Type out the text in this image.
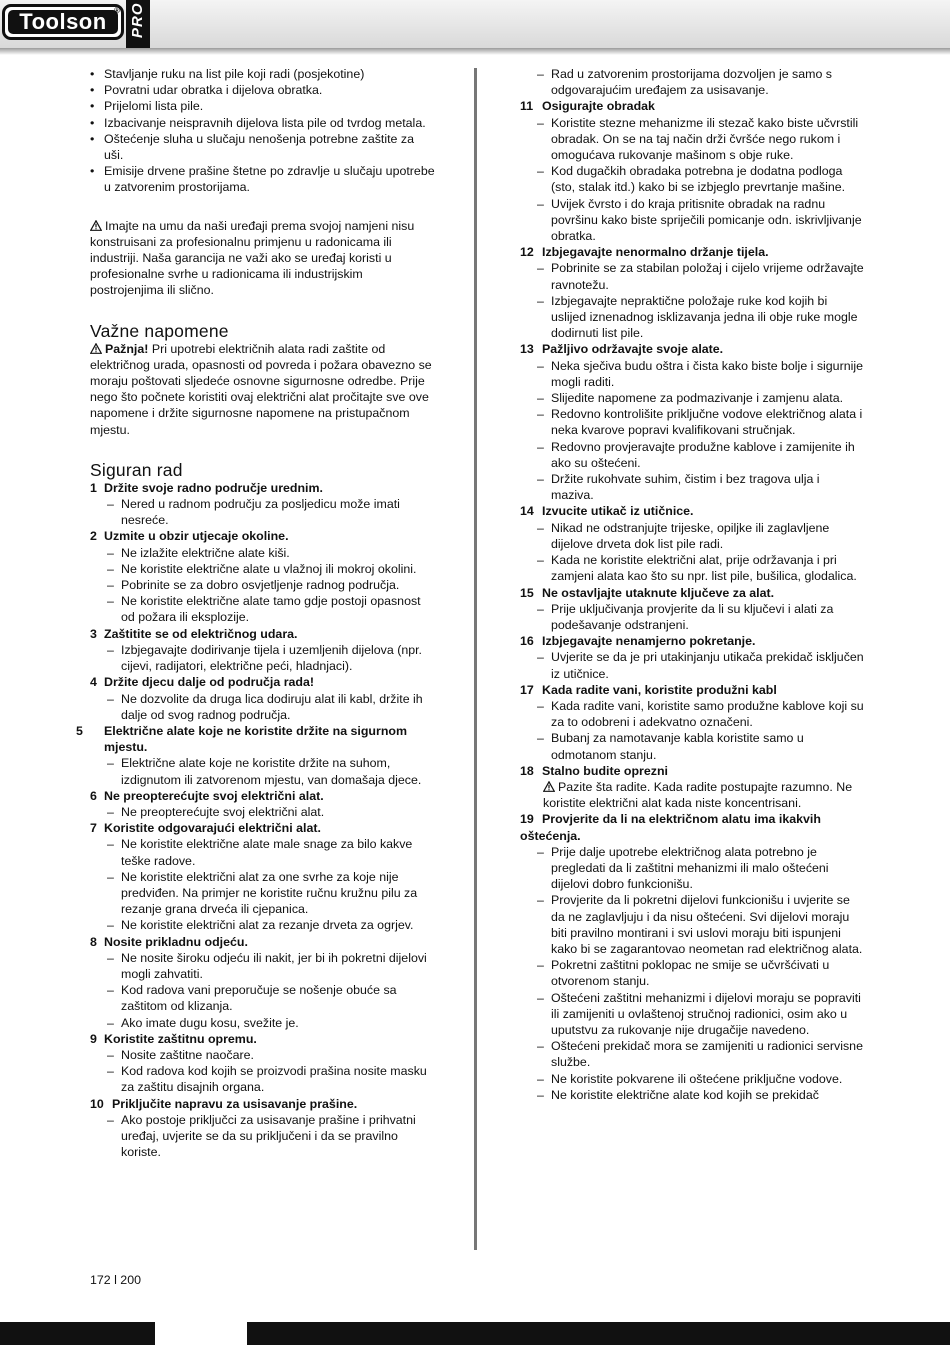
Toolson ® PRO
• Stavljanje ruku na list pile koji radi (posjekotine)
• Povratni udar obratka i dijelova obratka.
• Prijelomi lista pile.
• Izbacivanje neispravnih dijelova lista pile od tvrdog metala.
• Oštećenje sluha u slučaju nenošenja potrebne zaštite za uši.
• Emisije drvene prašine štetne po zdravlje u slučaju upotrebe u zatvorenim prostorijama.

Imajte na umu da naši uređaji prema svojoj namjeni nisu konstruisani za profesionalnu primjenu u radonicama ili industriji. Naša garancija ne važi ako se uređaj koristi u profesionalne svrhe u radionicama ili industrijskim postrojenjima ili slično.

Važne napomene

Pažnja! Pri upotrebi električnih alata radi zaštite od električnog urada, opasnosti od povreda i požara obavezno se moraju poštovati sljedeće osnovne sigurnosne odredbe. Prije nego što počnete koristiti ovaj električni alat pročitajte sve ove napomene i držite sigurnosne napomene na pristupačnom mjestu.

Siguran rad
1 Držite svoje radno područje urednim.
– Nered u radnom području za posljedicu može imati nesreće.
2 Uzmite u obzir utjecaje okoline.
– Ne izlažite električne alate kiši.
– Ne koristite električne alate u vlažnoj ili mokroj okolini.
– Pobrinite se za dobro osvjetljenje radnog područja.
– Ne koristite električne alate tamo gdje postoji opasnost od požara ili eksplozije.
3 Zaštitite se od električnog udara.
– Izbjegavajte dodirivanje tijela i uzemljenih dijelova (npr. cijevi, radijatori, električne peći, hladnjaci).
4 Držite djecu dalje od područja rada!
– Ne dozvolite da druga lica dodiruju alat ili kabl, držite ih dalje od svog radnog područja.
5 Električne alate koje ne koristite držite na sigurnom mjestu.
– Električne alate koje ne koristite držite na suhom, izdignutom ili zatvorenom mjestu, van domašaja djece.
6 Ne preopterećujte svoj električni alat.
– Ne preopterećujte svoj električni alat.
7 Koristite odgovarajući električni alat.
– Ne koristite električne alate male snage za bilo kakve teške radove.
– Ne koristite električni alat za one svrhe za koje nije predviđen. Na primjer ne koristite ručnu kružnu pilu za rezanje grana drveća ili cjepanica.
– Ne koristite električni alat za rezanje drveta za ogrjev.
8 Nosite prikladnu odjeću.
– Ne nosite široku odjeću ili nakit, jer bi ih pokretni dijelovi mogli zahvatiti.
– Kod radova vani preporučuje se nošenje obuće sa zaštitom od klizanja.
– Ako imate dugu kosu, svežite je.
9 Koristite zaštitnu opremu.
– Nosite zaštitne naočare.
– Kod radova kod kojih se proizvodi prašina nosite masku za zaštitu disajnih organa.
10 Priključite napravu za usisavanje prašine.
– Ako postoje priključci za usisavanje prašine i prihvatni uređaj, uvjerite se da su priključeni i da se pravilno koriste.
– Rad u zatvorenim prostorijama dozvoljen je samo s odgovarajućim uređajem za usisavanje.
11 Osigurajte obradak
– Koristite stezne mehanizme ili stezač kako biste učvrstili obradak. On se na taj način drži čvršće nego rukom i omogućava rukovanje mašinom s obje ruke.
– Kod dugačkih obradaka potrebna je dodatna podloga (sto, stalak itd.) kako bi se izbjeglo prevrtanje mašine.
– Uvijek čvrsto i do kraja pritisnite obradak na radnu površinu kako biste spriječili pomicanje odn. iskrivljivanje obratka.
12 Izbjegavajte nenormalno držanje tijela.
– Pobrinite se za stabilan položaj i cijelo vrijeme održavajte ravnotežu.
– Izbjegavajte nepraktične položaje ruke kod kojih bi uslijed iznenadnog isklizavanja jedna ili obje ruke mogle dodirnuti list pile.
13 Pažljivo održavajte svoje alate.
– Neka sječiva budu oštra i čista kako biste bolje i sigurnije mogli raditi.
– Slijedite napomene za podmazivanje i zamjenu alata.
– Redovno kontrolišite priključne vodove električnog alata i neka kvarove popravi kvalifikovani stručnjak.
– Redovno provjeravajte produžne kablove i zamijenite ih ako su oštećeni.
– Držite rukohvate suhim, čistim i bez tragova ulja i maziva.
14 Izvucite utikač iz utičnice.
– Nikad ne odstranjujte trijeske, opiljke ili zaglavljene dijelove drveta dok list pile radi.
– Kada ne koristite električni alat, prije održavanja i pri zamjeni alata kao što su npr. list pile, bušilica, glodalica.
15 Ne ostavljajte utaknute ključeve za alat.
– Prije uključivanja provjerite da li su ključevi i alati za podešavanje odstranjeni.
16 Izbjegavajte nenamjerno pokretanje.
– Uvjerite se da je pri utakinjanju utikača prekidač isključen iz utičnice.
17 Kada radite vani, koristite produžni kabl
– Kada radite vani, koristite samo produžne kablove koji su za to odobreni i adekvatno označeni.
– Bubanj za namotavanje kabla koristite samo u odmotanom stanju.
18 Stalno budite oprezni
Pazite šta radite. Kada radite postupajte razumno. Ne koristite električni alat kada niste koncentrisani.
19 Provjerite da li na električnom alatu ima ikakvih oštećenja.
– Prije dalje upotrebe električnog alata potrebno je pregledati da li zaštitni mehanizmi ili malo oštećeni dijelovi dobro funkcionišu.
– Provjerite da li pokretni dijelovi funkcionišu i uvjerite se da ne zaglavljuju i da nisu oštećeni. Svi dijelovi moraju biti pravilno montirani i svi uslovi moraju biti ispunjeni kako bi se zagarantovao neometan rad električnog alata.
– Pokretni zaštitni poklopac ne smije se učvršćivati u otvorenom stanju.
– Oštećeni zaštitni mehanizmi i dijelovi moraju se popraviti ili zamijeniti u ovlaštenoj stručnoj radionici, osim ako u uputstvu za rukovanje nije drugačije navedeno.
– Oštećeni prekidač mora se zamijeniti u radionici servisne službe.
– Ne koristite pokvarene ili oštećene priključne vodove.
– Ne koristite električne alate kod kojih se prekidač
172 l 200
